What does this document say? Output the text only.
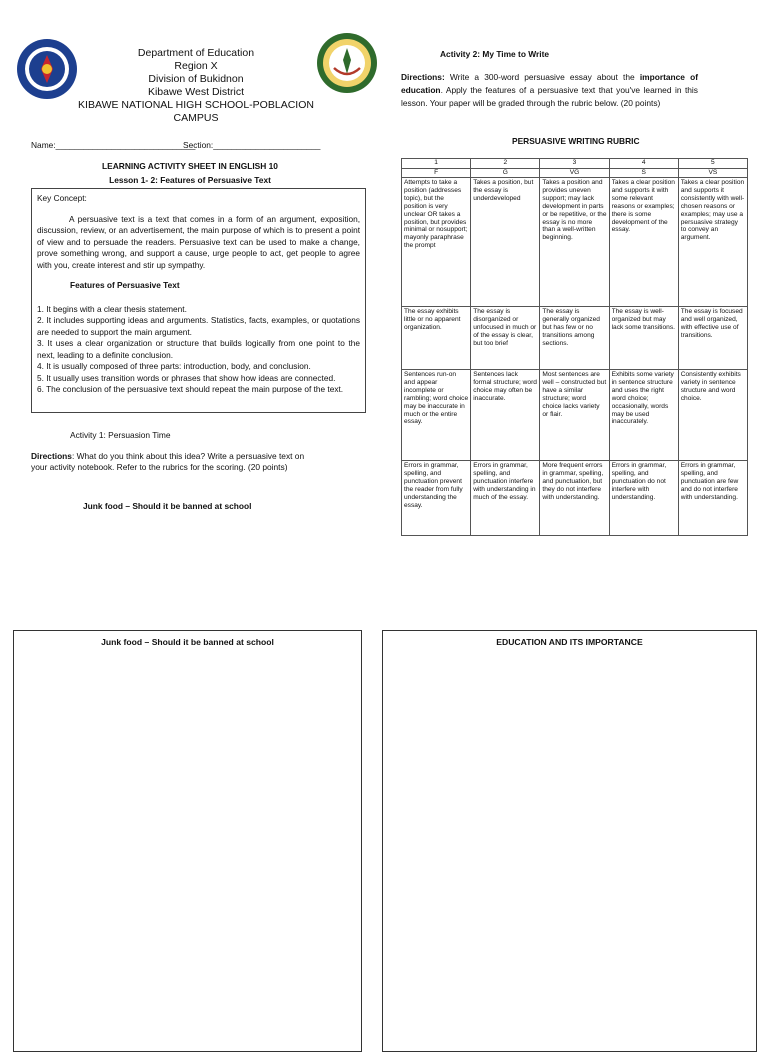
Department of Education
Region X
Division of Bukidnon
Kibawe West District
KIBAWE NATIONAL HIGH SCHOOL-POBLACION
CAMPUS
Name:______________________________
Section:_______________________
LEARNING ACTIVITY SHEET IN ENGLISH 10
Lesson 1- 2: Features of Persuasive Text

Key Concept:

A persuasive text is a text that comes in a form of an argument, exposition, discussion, review, or an advertisement, the main purpose of which is to present a point of view and to persuade the readers. Persuasive text can be used to make a change, prove something wrong, and support a cause, urge people to act, get people to agree with you, create interest and stir up sympathy.

Features of Persuasive Text

1. It begins with a clear thesis statement.

2. It includes supporting ideas and arguments. Statistics, facts, examples, or quotations are needed to support the main argument.

3. It uses a clear organization or structure that builds logically from one point to the next, leading to a definite conclusion.

4. It is usually composed of three parts: introduction, body, and conclusion.

5. It usually uses transition words or phrases that show how ideas are connected.

6. The conclusion of the persuasive text should repeat the main purpose of the text.

Activity 1: Persuasion Time
Directions: What do you think about this idea? Write a persuasive text on your activity notebook. Refer to the rubrics for the scoring. (20 points)
Junk food – Should it be banned at school
Activity 2: My Time to Write
Directions: Write a 300-word persuasive essay about the importance of education. Apply the features of a persuasive text that you've learned in this lesson. Your paper will be graded through the rubric below. (20 points)
PERSUASIVE WRITING RUBRIC
1	2	3	4	5
F	G	VG	S	VS

Attempts to take a position (addresses topic), but the position is very unclear OR takes a position, but provides minimal or nosupport; mayonly paraphrase the prompt	Takes a position, but the essay is underdeveloped	Takes a position and provides uneven support; may lack development in parts or be repetitive, or the essay is no more than a well-written beginning.	Takes a clear position and supports it with some relevant reasons or examples; there is some development of the essay.	Takes a clear position and supports it consistently with well- chosen reasons or examples; may use a persuasive strategy to convey an argument.

The essay exhibits little or no apparent organization.	The essay is disorganized or unfocused in much or of the essay is clear, but too brief	The essay is generally organized but has few or no transitions among sections.	The essay is well-organized but may lack some transitions.	The essay is focused and well organized, with effective use of transitions.

Sentences run-on and appear incomplete or rambling; word choice may be inaccurate in much or the entire essay.	Sentences lack formal structure; word choice may often be inaccurate.	Most sentences are well – constructed but have a similar structure; word choice lacks variety or flair.	Exhibits some variety in sentence structure and uses the right word choice; occasionally, words may be used inaccurately.	Consistently exhibits variety in sentence structure and word choice.

Errors in grammar, spelling, and punctuation prevent the reader from fully understanding the essay.	Errors in grammar, spelling, and punctuation interfere with understanding in much of the essay.	More frequent errors in grammar, spelling, and punctuation, but they do not interfere with understanding.	Errors in grammar, spelling, and punctuation do not interfere with understanding.	Errors in grammar, spelling, and punctuation are few and do not interfere with understanding.
Junk food – Should it be banned at school	EDUCATION AND ITS IMPORTANCE
